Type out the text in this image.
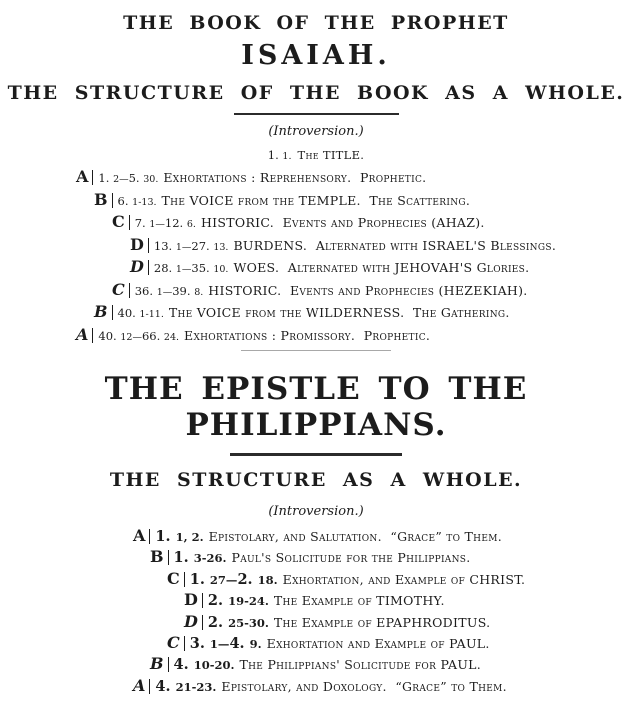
THE BOOK OF THE PROPHET
ISAIAH.
THE STRUCTURE OF THE BOOK AS A WHOLE.
(Introversion.)
1. 1.  The TITLE.
A 1. 2—5. 30. Exhortations : Reprehensory.  Prophetic.
B 6. 1-13. The VOICE from the TEMPLE.  The Scattering.
C 7. 1—12. 6. HISTORIC.  Events and Prophecies (AHAZ).
D 13. 1—27. 13. BURDENS.  Alternated with ISRAEL'S Blessings.
D 28. 1—35. 10. WOES.  Alternated with JEHOVAH'S Glories.
C 36. 1—39. 8. HISTORIC.  Events and Prophecies (HEZEKIAH).
B 40. 1-11. The VOICE from the WILDERNESS.  The Gathering.
A 40. 12—66. 24. Exhortations : Promissory.  Prophetic.
THE EPISTLE TO THE PHILIPPIANS.
THE STRUCTURE AS A WHOLE.
(Introversion.)
A 1. 1, 2. Epistolary, and Salutation.  “Grace” to Them.
B 1. 3-26. Paul's Solicitude for the Philippians.
C 1. 27—2. 18. Exhortation, and Example of CHRIST.
D 2. 19-24. The Example of TIMOTHY.
D 2. 25-30. The Example of EPAPHRODITUS.
C 3. 1—4. 9. Exhortation and Example of PAUL.
B 4. 10-20. The Philippians' Solicitude for PAUL.
A 4. 21-23. Epistolary, and Doxology.  “Grace” to Them.
